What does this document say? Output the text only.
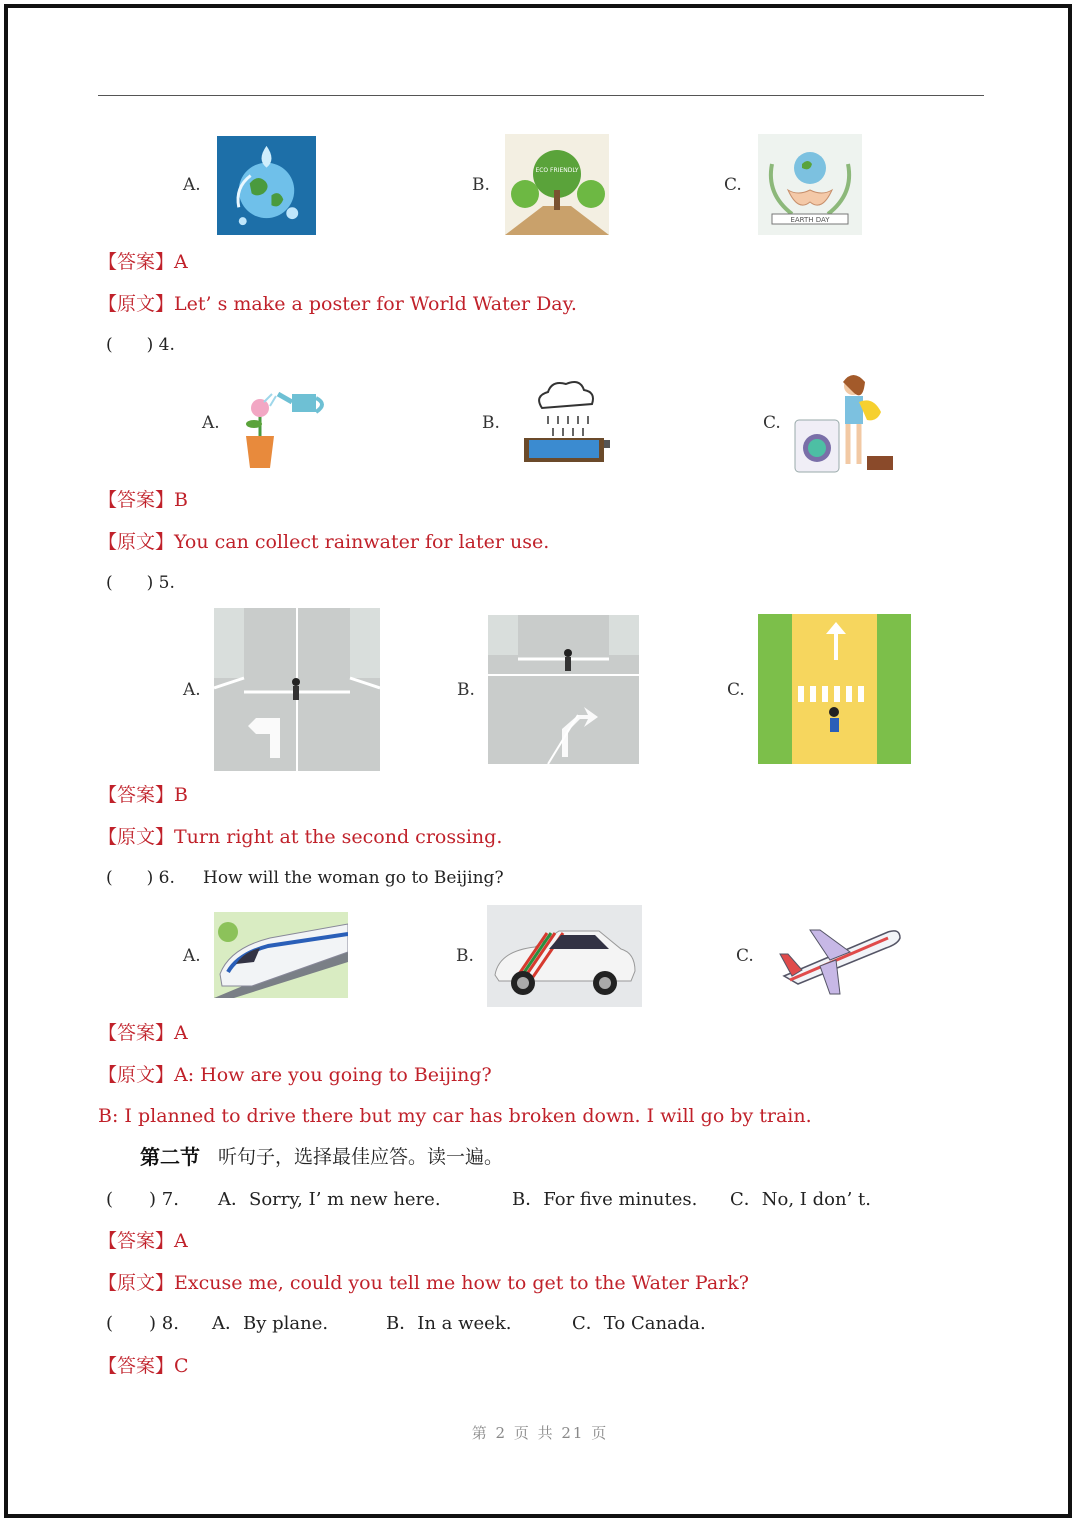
A.	B.
ECO FRIENDLY
C.
EARTH DAY
【答案】A
【原文】Let’ s make a poster for World Water Day.
(　　) 4.
A.	B.	C.
【答案】B
【原文】You can collect rainwater for later use.
(　　) 5.
A.	B.	C.
【答案】B
【原文】Turn right at the second crossing.
(　　) 6. How will the woman go to Beijing?
A.	B.	C.
【答案】A
【原文】A: How are you going to Beijing?
B: I planned to drive there but my car has broken down. I will go by train.
第二节 听句子，选择最佳应答。读一遍。
(　　) 7. A．Sorry, I’ m new here.	B．For five minutes. C．No, I don’ t.
【答案】A
【原文】Excuse me, could you tell me how to get to the Water Park?
(　　) 8. A．By plane.	B．In a week.	C．To Canada.
【答案】C
第 2 页 共 21 页
